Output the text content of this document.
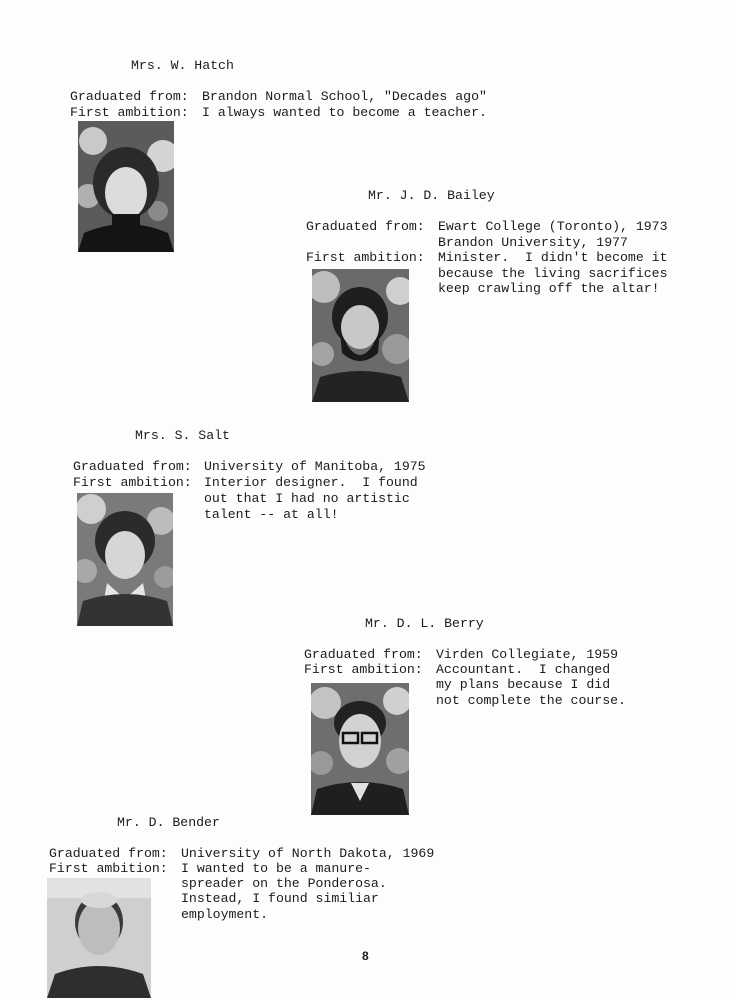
Mrs. W. Hatch
Graduated from: Brandon Normal School, "Decades ago"
First ambition: I always wanted to become a teacher.
Mr. J. D. Bailey
Graduated from: Ewart College (Toronto), 1973
Brandon University, 1977
First ambition: Minister.  I didn't become it
because the living sacrifices
keep crawling off the altar!
Mrs. S. Salt
Graduated from: University of Manitoba, 1975
First ambition: Interior designer.  I found
out that I had no artistic
talent -- at all!
Mr. D. L. Berry
Graduated from: Virden Collegiate, 1959
First ambition: Accountant.  I changed
my plans because I did
not complete the course.
Mr. D. Bender
Graduated from: University of North Dakota, 1969
First ambition: I wanted to be a manure-
spreader on the Ponderosa.
Instead, I found similiar
employment.
8
